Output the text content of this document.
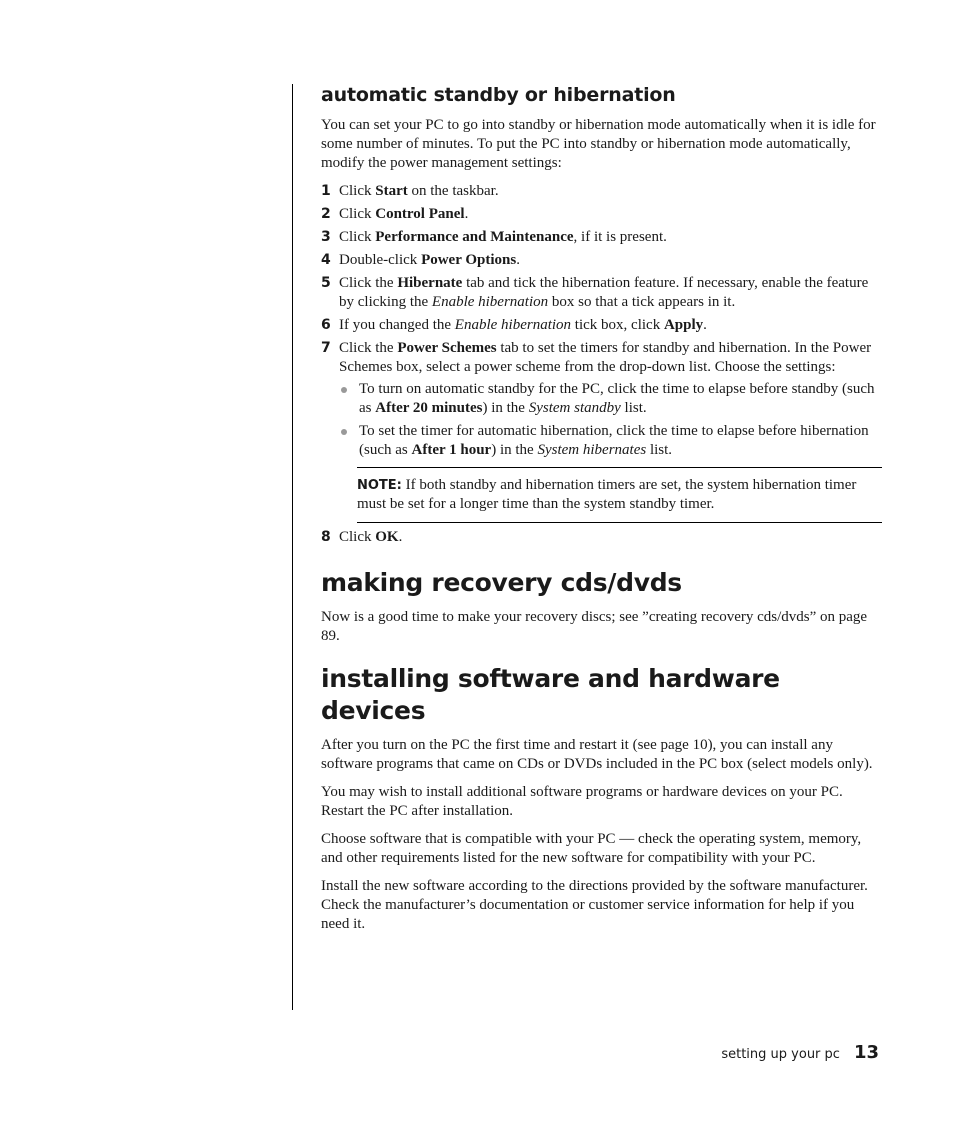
automatic standby or hibernation

You can set your PC to go into standby or hibernation mode automatically when it is idle for some number of minutes. To put the PC into standby or hibernation mode automatically, modify the power management settings:

1 Click Start on the taskbar.
2 Click Control Panel.
3 Click Performance and Maintenance, if it is present.
4 Double-click Power Options.
5 Click the Hibernate tab and tick the hibernation feature. If necessary, enable the feature by clicking the Enable hibernation box so that a tick appears in it.
6 If you changed the Enable hibernation tick box, click Apply.
7 Click the Power Schemes tab to set the timers for standby and hibernation. In the Power Schemes box, select a power scheme from the drop-down list. Choose the settings:
To turn on automatic standby for the PC, click the time to elapse before standby (such as After 20 minutes) in the System standby list.
To set the timer for automatic hibernation, click the time to elapse before hibernation (such as After 1 hour) in the System hibernates list.
NOTE: If both standby and hibernation timers are set, the system hibernation timer must be set for a longer time than the system standby timer.
8 Click OK.
making recovery cds/dvds

Now is a good time to make your recovery discs; see ”creating recovery cds/dvds” on page 89.

installing software and hardware devices

After you turn on the PC the first time and restart it (see page 10), you can install any software programs that came on CDs or DVDs included in the PC box (select models only).

You may wish to install additional software programs or hardware devices on your PC. Restart the PC after installation.

Choose software that is compatible with your PC — check the operating system, memory, and other requirements listed for the new software for compatibility with your PC.

Install the new software according to the directions provided by the software manufacturer. Check the manufacturer’s documentation or customer service information for help if you need it.

setting up your pc 13
